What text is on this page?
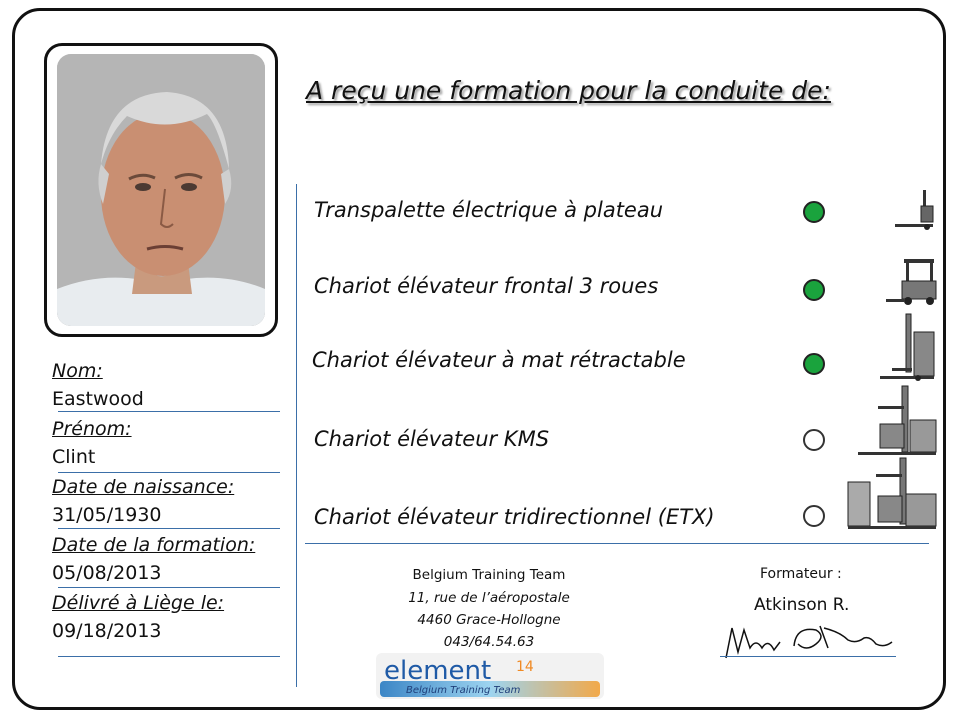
Nom:
Eastwood
Prénom:
Clint
Date de naissance:
31/05/1930
Date de la formation:
05/08/2013
Délivré à Liège le:
09/18/2013
A reçu une formation pour la conduite de:
Transpalette électrique à plateau
Chariot élévateur frontal 3 roues
Chariot élévateur à mat rétractable
Chariot élévateur KMS
Chariot élévateur tridirectionnel (ETX)
Belgium Training Team
11, rue de l’aéropostale
4460 Grace-Hollogne
043/64.54.63
element 14
Belgium Training Team
Formateur :
Atkinson R.
